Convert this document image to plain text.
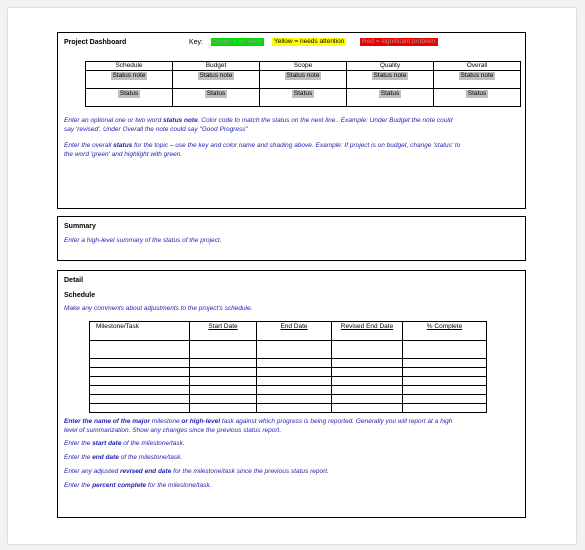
Project Dashboard	Key:	Green = on track	Yellow = needs attention	Red = significant problem
Schedule	Budget	Scope	Quality	Overall
Status note	Status note	Status note	Status note	Status note
Status	Status	Status	Status	Status
Enter an optional one or two word status note. Color code to match the status on the next line.. Example: Under Budget the note could
say 'revised'. Under Overall the note could say "Good Progress"
Enter the overall status for the topic – use the key and color name and shading above. Example: If project is on budget, change 'status' to
the word 'green' and highlight with green.
Summary
Enter a high-level summary of the status of the project.
Detail
Schedule
Make any comments about adjustments to the project's schedule.
Milestone/Task	Start Date	End Date	Revised End Date	% Complete

Enter the name of the major milestone or high-level task against which progress is being reported. Generally you will report at a high
level of summarization. Show any changes since the previous status report.
Enter the start date of the milestone/task.
Enter the end date of the milestone/task.
Enter any adjusted revised end date for the milestone/task since the previous status report.
Enter the percent complete for the milestone/task.
